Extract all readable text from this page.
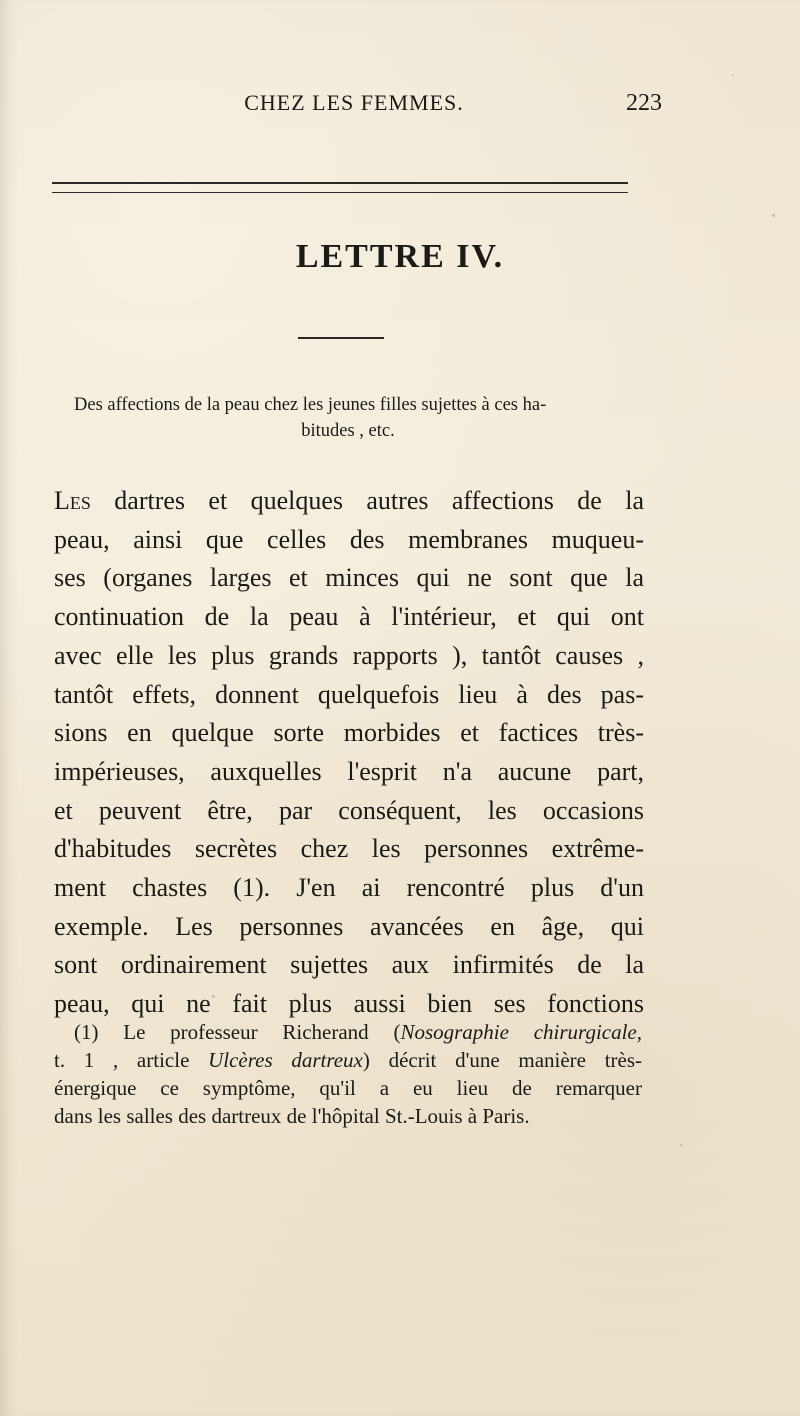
CHEZ LES FEMMES.	223
LETTRE IV.
Des affections de la peau chez les jeunes filles sujettes à ces ha-
bitudes , etc.
Les dartres et quelques autres affections de la
peau, ainsi que celles des membranes muqueu-
ses (organes larges et minces qui ne sont que la
continuation de la peau à l'intérieur, et qui ont
avec elle les plus grands rapports ), tantôt causes ,
tantôt effets, donnent quelquefois lieu à des pas-
sions en quelque sorte morbides et factices très-
impérieuses, auxquelles l'esprit n'a aucune part,
et peuvent être, par conséquent, les occasions
d'habitudes secrètes chez les personnes extrême-
ment chastes (1). J'en ai rencontré plus d'un
exemple. Les personnes avancées en âge, qui
sont ordinairement sujettes aux infirmités de la
peau, qui ne fait plus aussi bien ses fonctions
(1) Le professeur Richerand (Nosographie chirurgicale,
t. 1 , article Ulcères dartreux) décrit d'une manière très-
énergique ce symptôme, qu'il a eu lieu de remarquer
dans les salles des dartreux de l'hôpital St.-Louis à Paris.
